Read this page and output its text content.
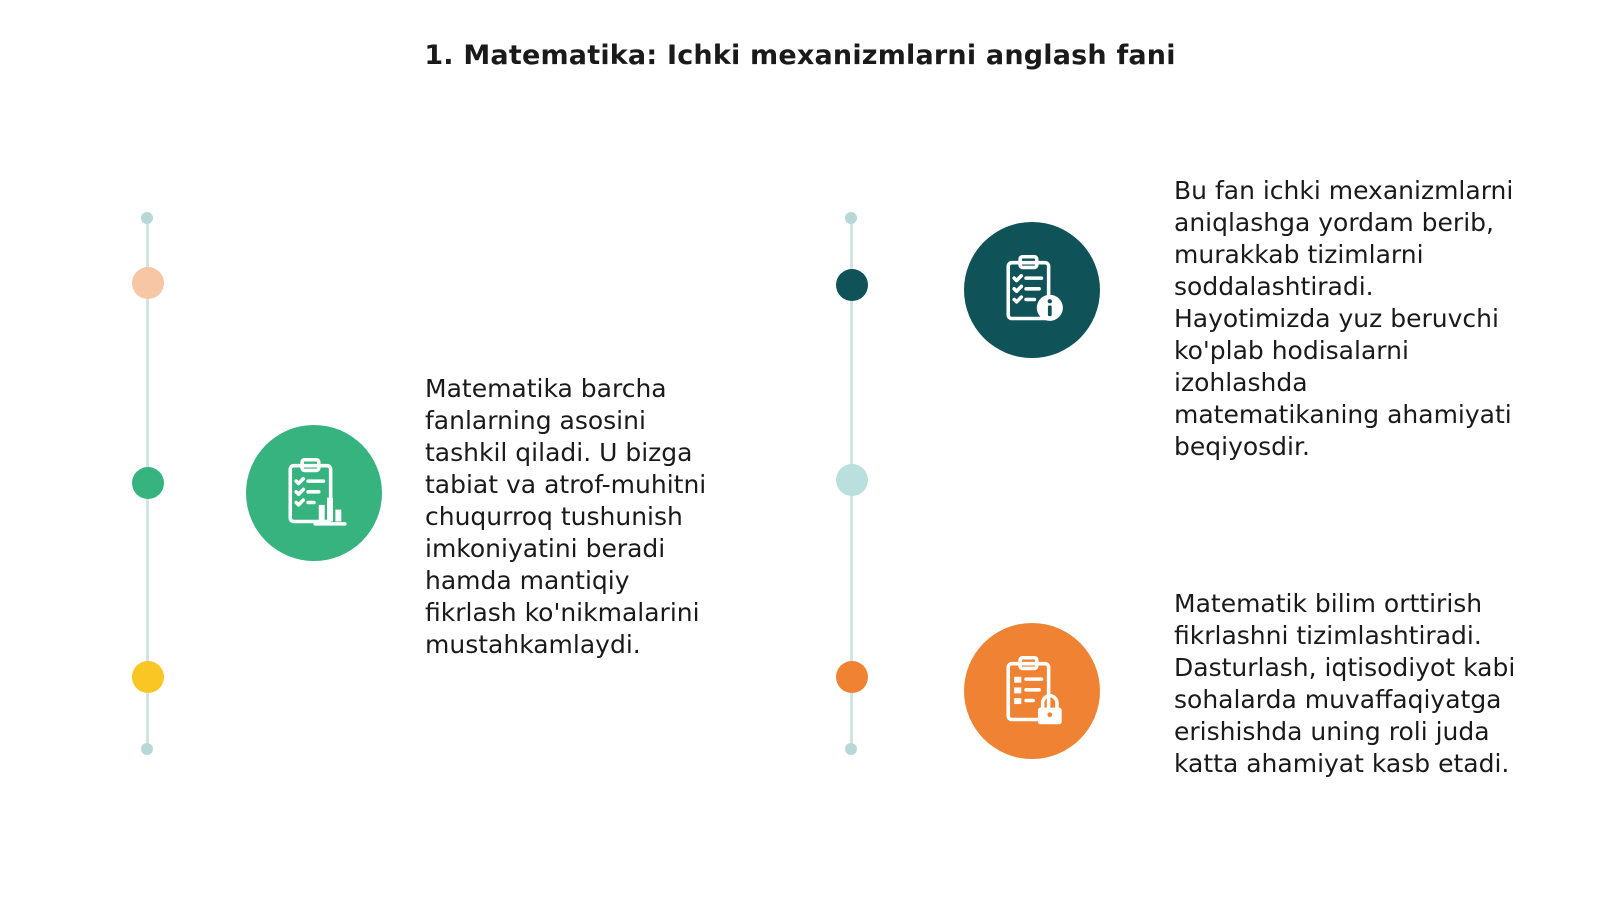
1. Matematika: Ichki mexanizmlarni anglash fani
Matematika barcha
fanlarning asosini
tashkil qiladi. U bizga
tabiat va atrof-muhitni
chuqurroq tushunish
imkoniyatini beradi
hamda mantiqiy
fikrlash ko'nikmalarini
mustahkamlaydi.
Bu fan ichki mexanizmlarni
aniqlashga yordam berib,
murakkab tizimlarni
soddalashtiradi.
Hayotimizda yuz beruvchi
ko'plab hodisalarni
izohlashda
matematikaning ahamiyati
beqiyosdir.
Matematik bilim orttirish
fikrlashni tizimlashtiradi.
Dasturlash, iqtisodiyot kabi
sohalarda muvaffaqiyatga
erishishda uning roli juda
katta ahamiyat kasb etadi.
